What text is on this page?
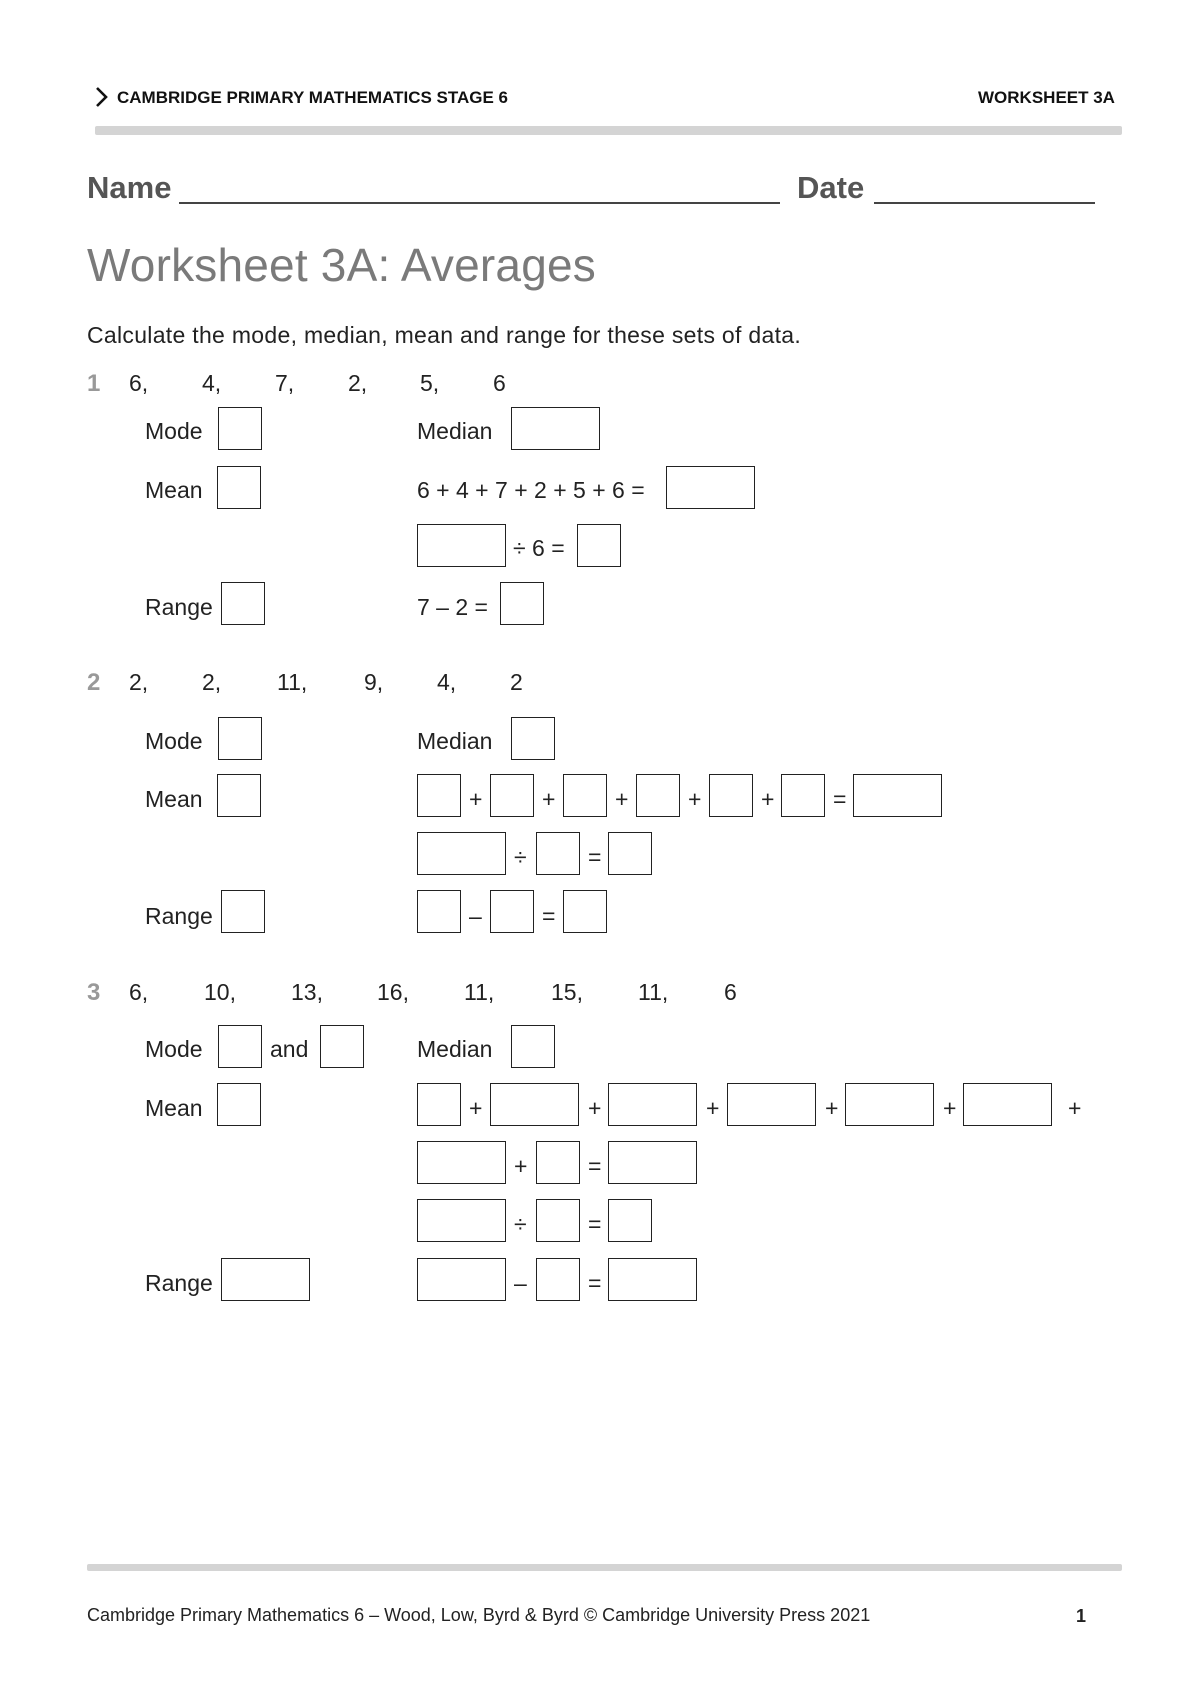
CAMBRIDGE PRIMARY MATHEMATICS STAGE 6	WORKSHEET 3A
Name	Date
Worksheet 3A: Averages
Calculate the mode, median, mean and range for these sets of data.
1 6, 4, 7, 2, 5, 6
Mode	Median
Mean	6 + 4 + 7 + 2 + 5 + 6 =
÷ 6 =
Range	7 – 2 =
2 2, 2, 11, 9, 4, 2
Mode	Median
Mean	+	+	+	+	+	=
÷	=
Range	–	=
3 6, 10, 13, 16, 11, 15, 11, 6
Mode	and	Median
Mean	+	+	+	+	+	+
+	=
÷	=
Range	–	=
Cambridge Primary Mathematics 6 – Wood, Low, Byrd & Byrd © Cambridge University Press 2021	1
